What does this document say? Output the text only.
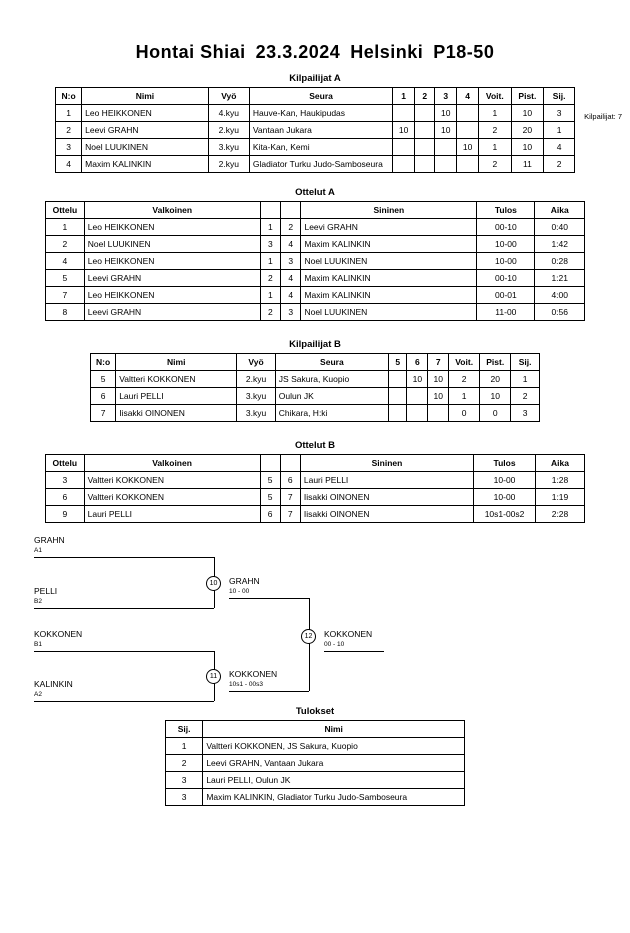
Hontai Shiai 23.3.2024 Helsinki P18-50
Kilpailijat: 7
Kilpailijat A
N:o	Nimi	Vyö	Seura	1	2	3	4	Voit.	Pist.	Sij.
1	Leo HEIKKONEN	4.kyu	Hauve-Kan, Haukipudas			10		1	10	3
2	Leevi GRAHN	2.kyu	Vantaan Jukara	10		10		2	20	1
3	Noel LUUKINEN	3.kyu	Kita-Kan, Kemi				10	1	10	4
4	Maxim KALINKIN	2.kyu	Gladiator Turku Judo-Samboseura					2	11	2
Ottelut A
Ottelu	Valkoinen			Sininen	Tulos	Aika
1	Leo HEIKKONEN	1	2	Leevi GRAHN	00-10	0:40
2	Noel LUUKINEN	3	4	Maxim KALINKIN	10-00	1:42
4	Leo HEIKKONEN	1	3	Noel LUUKINEN	10-00	0:28
5	Leevi GRAHN	2	4	Maxim KALINKIN	00-10	1:21
7	Leo HEIKKONEN	1	4	Maxim KALINKIN	00-01	4:00
8	Leevi GRAHN	2	3	Noel LUUKINEN	11-00	0:56
Kilpailijat B
N:o	Nimi	Vyö	Seura	5	6	7	Voit.	Pist.	Sij.
5	Valtteri KOKKONEN	2.kyu	JS Sakura, Kuopio		10	10	2	20	1
6	Lauri PELLI	3.kyu	Oulun JK			10	1	10	2
7	Iisakki OINONEN	3.kyu	Chikara, H:ki				0	0	3
Ottelut B
Ottelu	Valkoinen			Sininen	Tulos	Aika
3	Valtteri KOKKONEN	5	6	Lauri PELLI	10-00	1:28
6	Valtteri KOKKONEN	5	7	Iisakki OINONEN	10-00	1:19
9	Lauri PELLI	6	7	Iisakki OINONEN	10s1-00s2	2:28
GRAHN
A1
PELLI
B2
10	GRAHN
10 - 00
KOKKONEN
B1
KALINKIN
A2
11	KOKKONEN
10s1 - 00s3
12	KOKKONEN
00 - 10
Tulokset
Sij.	Nimi
1	Valtteri KOKKONEN, JS Sakura, Kuopio
2	Leevi GRAHN, Vantaan Jukara
3	Lauri PELLI, Oulun JK
3	Maxim KALINKIN, Gladiator Turku Judo-Samboseura
